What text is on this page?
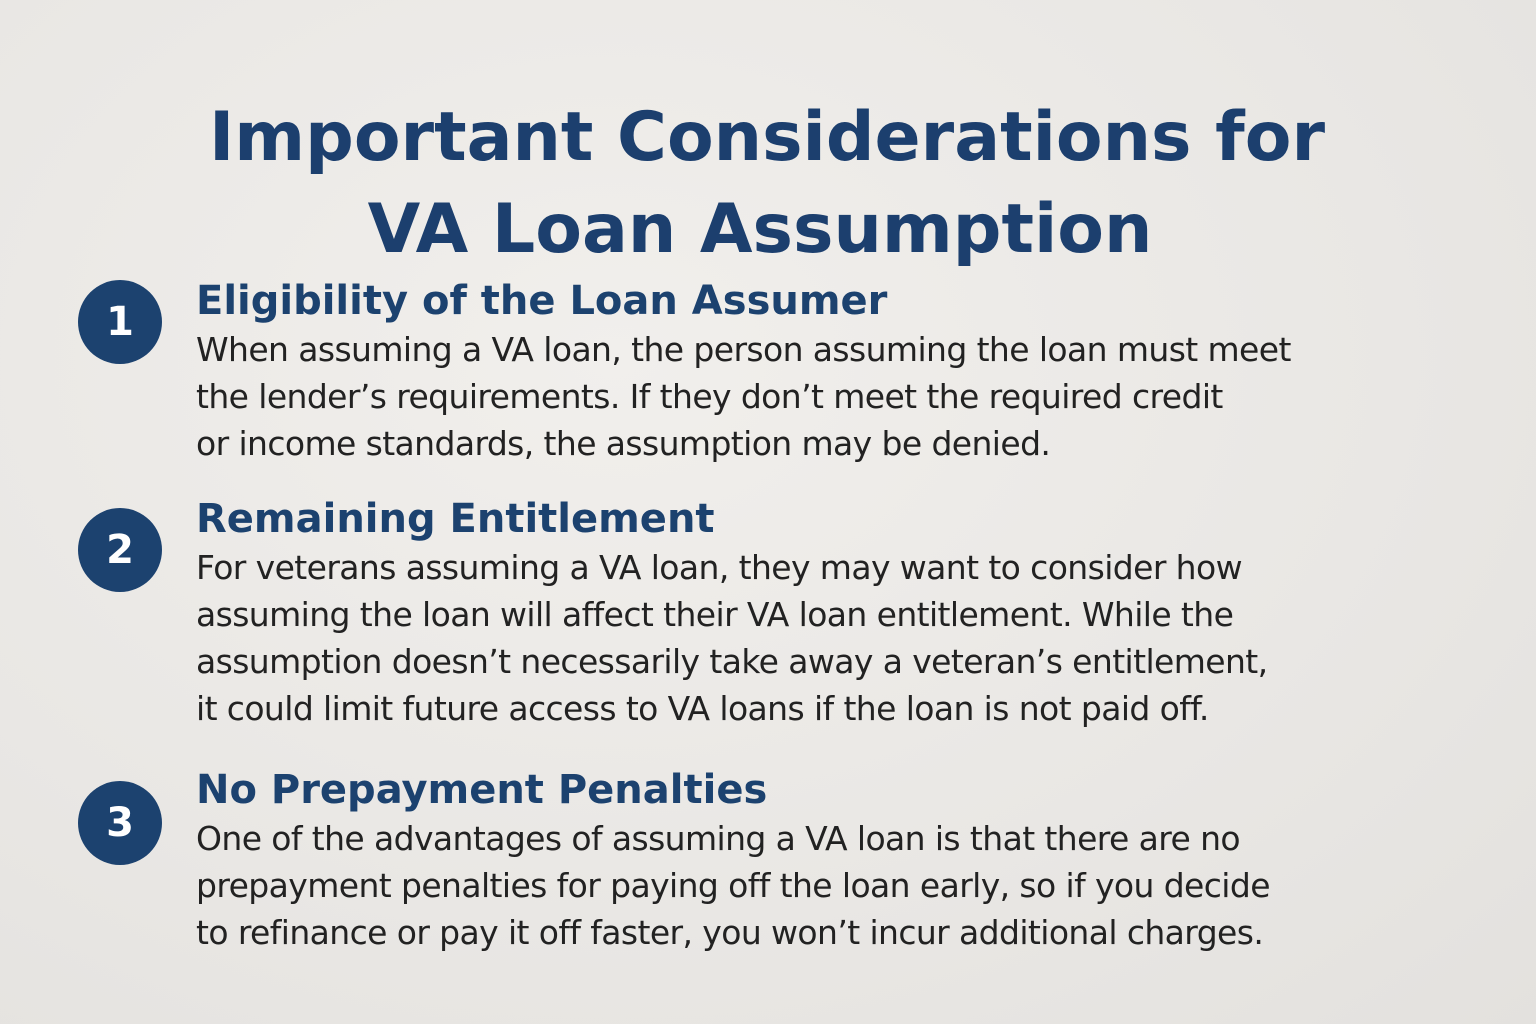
Important Considerations for
VA Loan Assumption
1	Eligibility of the Loan Assumer

When assuming a VA loan, the person assuming the loan must meet
the lender’s requirements. If they don’t meet the required credit
or income standards, the assumption may be denied.

2
Remaining Entitlement

For veterans assuming a VA loan, they may want to consider how
assuming the loan will affect their VA loan entitlement. While the
assumption doesn’t necessarily take away a veteran’s entitlement,
it could limit future access to VA loans if the loan is not paid off.

3
No Prepayment Penalties

One of the advantages of assuming a VA loan is that there are no
prepayment penalties for paying off the loan early, so if you decide
to refinance or pay it off faster, you won’t incur additional charges.
